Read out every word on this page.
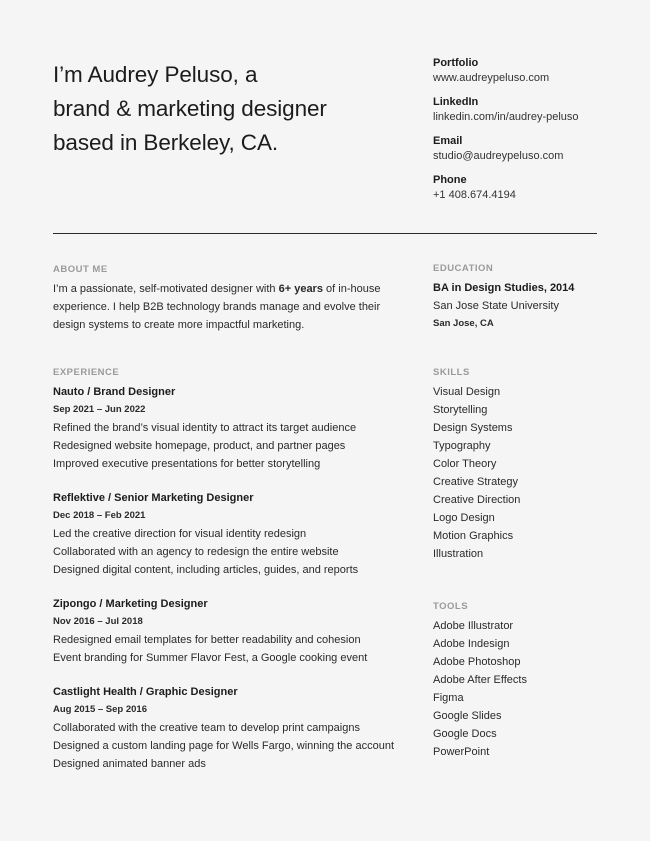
I’m Audrey Peluso, a
brand & marketing designer
based in Berkeley, CA.
Portfolio
www.audreypeluso.com
LinkedIn
linkedin.com/in/audrey-peluso
Email
studio@audreypeluso.com
Phone
+1 408.674.4194
ABOUT ME
I’m a passionate, self-motivated designer with 6+ years of in-house
experience. I help B2B technology brands manage and evolve their
design systems to create more impactful marketing.
EXPERIENCE
Nauto / Brand Designer
Sep 2021 – Jun 2022
Refined the brand’s visual identity to attract its target audience
Redesigned website homepage, product, and partner pages
Improved executive presentations for better storytelling
Reflektive / Senior Marketing Designer
Dec 2018 – Feb 2021
Led the creative direction for visual identity redesign
Collaborated with an agency to redesign the entire website
Designed digital content, including articles, guides, and reports
Zipongo / Marketing Designer
Nov 2016 – Jul 2018
Redesigned email templates for better readability and cohesion
Event branding for Summer Flavor Fest, a Google cooking event
Castlight Health / Graphic Designer
Aug 2015 – Sep 2016
Collaborated with the creative team to develop print campaigns
Designed a custom landing page for Wells Fargo, winning the account
Designed animated banner ads
EDUCATION
BA in Design Studies, 2014
San Jose State University
San Jose, CA
SKILLS
Visual Design
Storytelling
Design Systems
Typography
Color Theory
Creative Strategy
Creative Direction
Logo Design
Motion Graphics
Illustration
TOOLS
Adobe Illustrator
Adobe Indesign
Adobe Photoshop
Adobe After Effects
Figma
Google Slides
Google Docs
PowerPoint
